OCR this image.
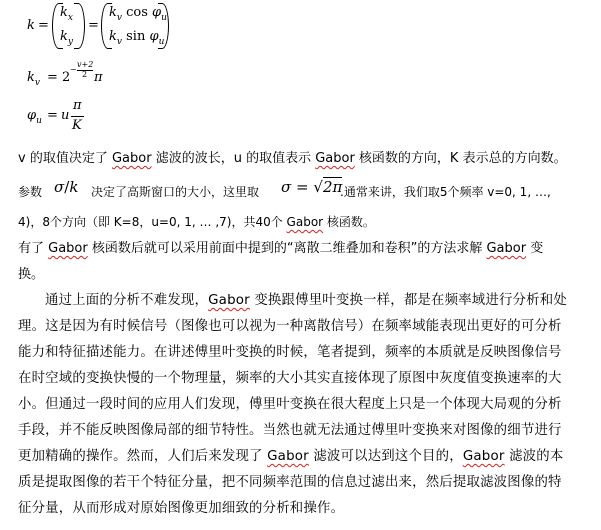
k =
$k_x$
$k_y$
=
$k_v$ $\cos \varphi_u$
$k_v$ $\sin \varphi_u$
$k_v = 2$
−
v+2
2 π
$\varphi_u = u$
π
K
v 的取值决定了 Gabor 滤波的波长，u 的取值表示 Gabor 核函数的方向，K 表示总的方向数。
参数 σ/k 决定了高斯窗口的大小，这里取 σ = √2π
.通常来讲，我们取5个频率 v=0, 1, …,
4)，8个方向（即 K=8，u=0, 1, … ,7)，共40个 Gabor 核函数。
有了 Gabor 核函数后就可以采用前面中提到的“离散二维叠加和卷积”的方法求解 Gabor 变
换。
通过上面的分析不难发现，Gabor 变换跟傅里叶变换一样，都是在频率域进行分析和处
理。这是因为有时候信号（图像也可以视为一种离散信号）在频率域能表现出更好的可分析
能力和特征描述能力。在讲述傅里叶变换的时候，笔者提到，频率的本质就是反映图像信号
在时空域的变换快慢的一个物理量，频率的大小其实直接体现了原图中灰度值变换速率的大
小。但通过一段时间的应用人们发现，傅里叶变换在很大程度上只是一个体现大局观的分析
手段，并不能反映图像局部的细节特性。当然也就无法通过傅里叶变换来对图像的细节进行
更加精确的操作。然而，人们后来发现了 Gabor 滤波可以达到这个目的，Gabor 滤波的本
质是提取图像的若干个特征分量，把不同频率范围的信息过滤出来，然后提取滤波图像的特
征分量，从而形成对原始图像更加细致的分析和操作。
